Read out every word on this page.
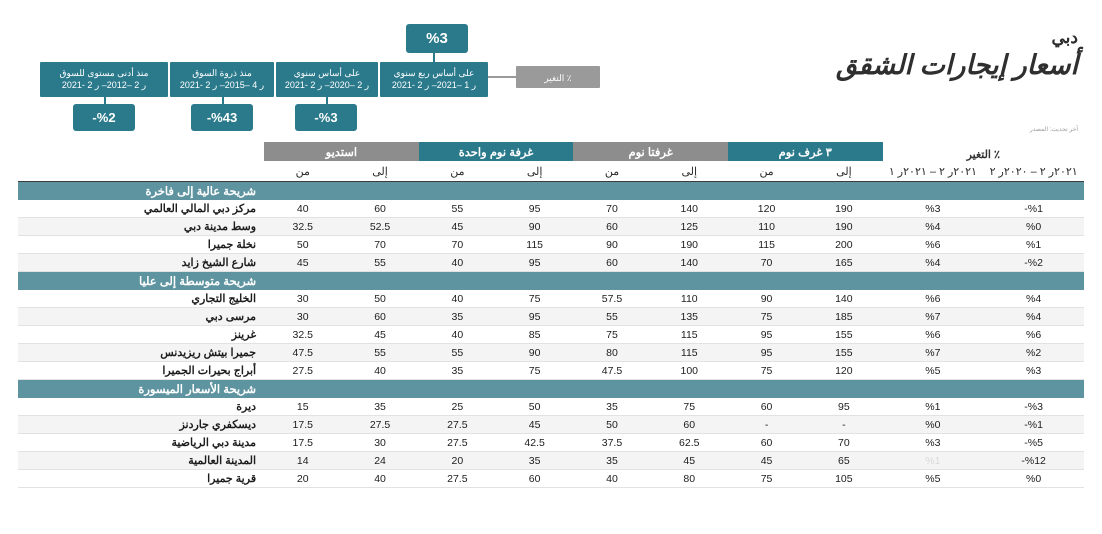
دبي
أسعار إيجارات الشقق
آخر تحديث: المصدر
٪ التغير
على أساس ربع سنوي
ر 1 –2021– ر 2 -2021
%3
على أساس سنوي
ر 2 –2020– ر 2 -2021
%3-
منذ ذروة السوق
ر 4 –2015– ر 2 -2021
%43-
منذ أدنى مستوى للسوق
ر 2 –2012– ر 2 -2021
%2-
٪ التغير		٣ غرف نوم		غرفتا نوم		غرفة نوم واحدة		استديو		
٢٠٢١ر ٢ – ٢٠٢٠ر ٢	٢٠٢١ر ٢ – ٢٠٢١ر ١	إلى	من	إلى	من	إلى	من	إلى	من	
										شريحة عالية إلى فاخرة
%1-	%3	190	120	140	70	95	55	60	40	مركز دبي المالي العالمي
%0	%4	190	110	125	60	90	45	52.5	32.5	وسط مدينة دبي
%1	%6	200	115	190	90	115	70	70	50	نخلة جميرا
%2-	%4	165	70	140	60	95	40	55	45	شارع الشيخ زايد
										شريحة متوسطة إلى عليا
%4	%6	140	90	110	57.5	75	40	50	30	الخليج التجاري
%4	%7	185	75	135	55	95	35	60	30	مرسى دبي
%6	%6	155	95	115	75	85	40	45	32.5	غرينز
%2	%7	155	95	115	80	90	55	55	47.5	جميرا بيتش ريزيدنس
%3	%5	120	75	100	47.5	75	35	40	27.5	أبراج بحيرات الجميرا
										شريحة الأسعار الميسورة
%3-	%1	95	60	75	35	50	25	35	15	ديرة
%1-	%0	-	-	60	50	45	27.5	27.5	17.5	ديسكفري جاردنز
%5-	%3	70	60	62.5	37.5	42.5	27.5	30	17.5	مدينة دبي الرياضية
%12-	%1	65	45	45	35	35	20	24	14	المدينة العالمية
%0	%5	105	75	80	40	60	27.5	40	20	قرية جميرا
